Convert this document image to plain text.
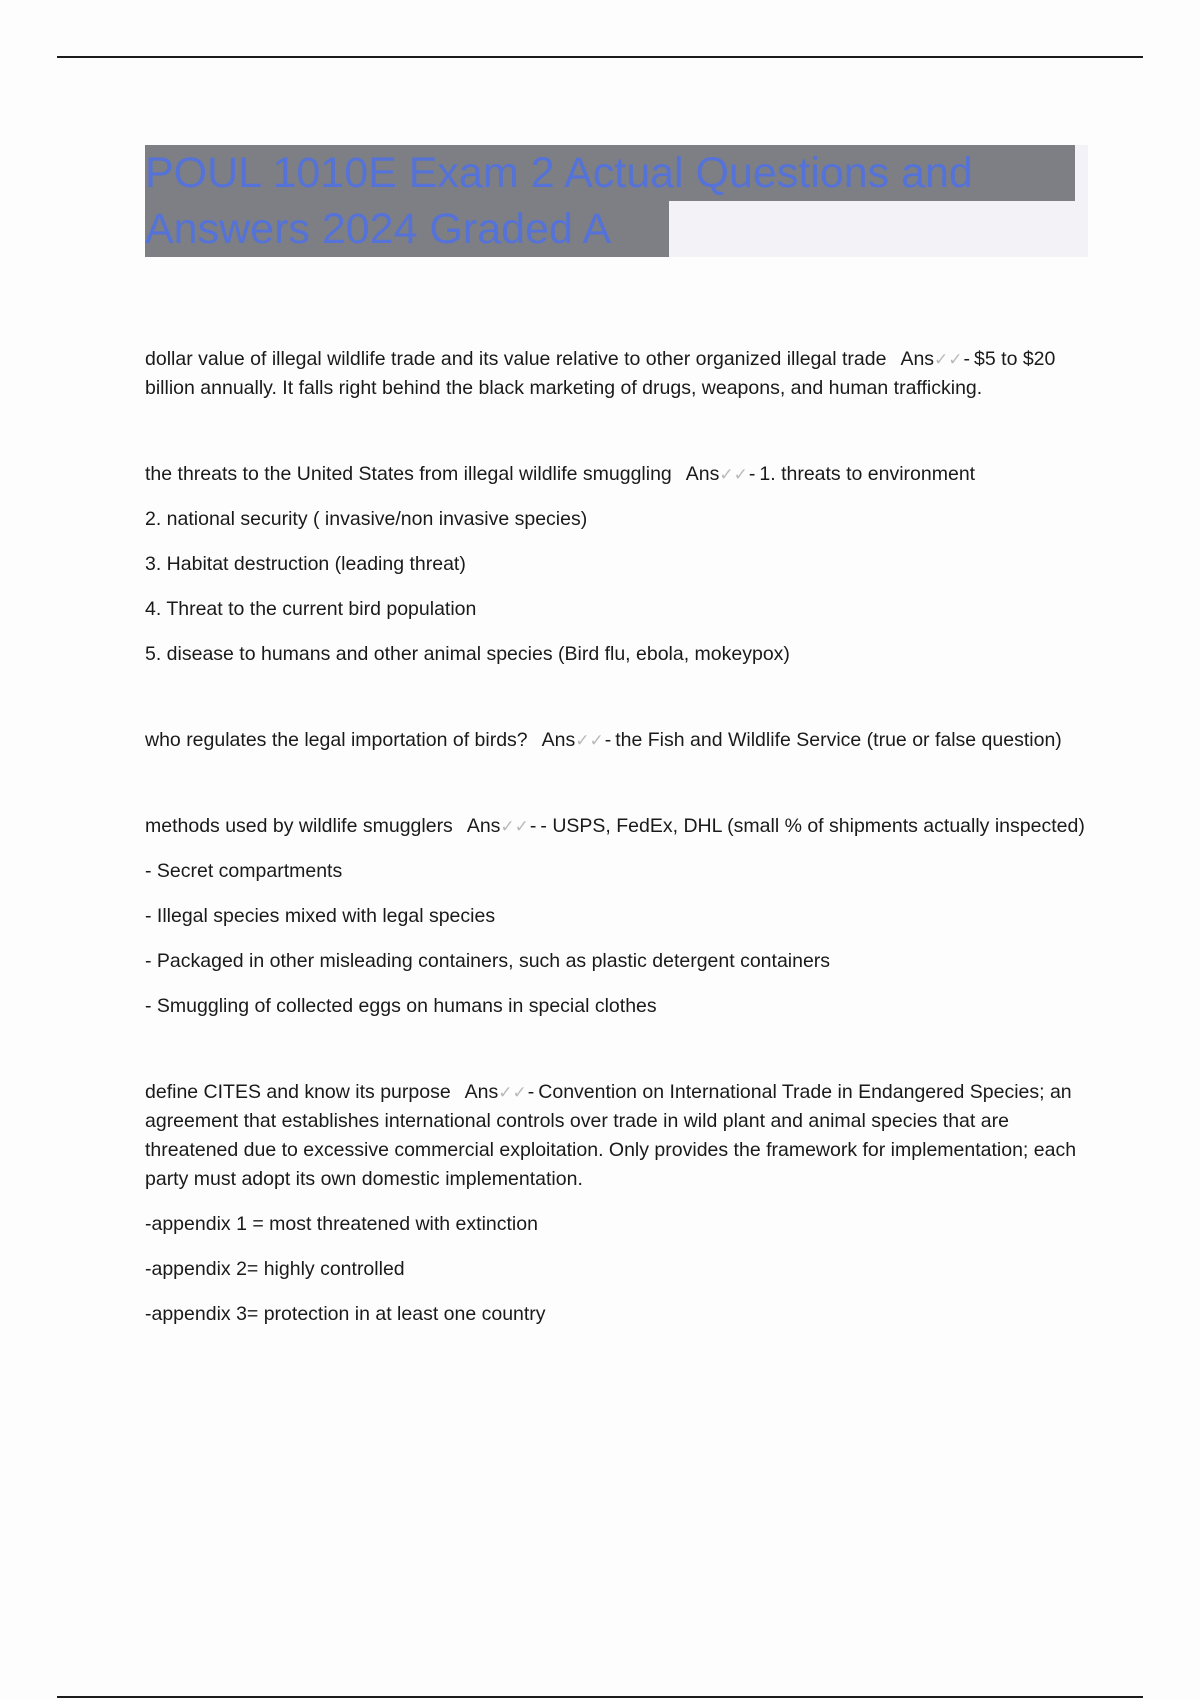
POUL 1010E Exam 2 Actual Questions and
Answers 2024 Graded A

dollar value of illegal wildlife trade and its value relative to other organized illegal trade Ans✓✓- $5 to $20 billion annually. It falls right behind the black marketing of drugs, weapons, and human trafficking.

the threats to the United States from illegal wildlife smuggling Ans✓✓- 1. threats to environment

2. national security ( invasive/non invasive species)

3. Habitat destruction (leading threat)

4. Threat to the current bird population

5. disease to humans and other animal species (Bird flu, ebola, mokeypox)

who regulates the legal importation of birds? Ans✓✓- the Fish and Wildlife Service (true or false question)

methods used by wildlife smugglers Ans✓✓- - USPS, FedEx, DHL (small % of shipments actually inspected)

- Secret compartments

- Illegal species mixed with legal species

- Packaged in other misleading containers, such as plastic detergent containers

- Smuggling of collected eggs on humans in special clothes

define CITES and know its purpose Ans✓✓- Convention on International Trade in Endangered Species; an agreement that establishes international controls over trade in wild plant and animal species that are threatened due to excessive commercial exploitation. Only provides the framework for implementation; each party must adopt its own domestic implementation.

-appendix 1 = most threatened with extinction

-appendix 2= highly controlled

-appendix 3= protection in at least one country
